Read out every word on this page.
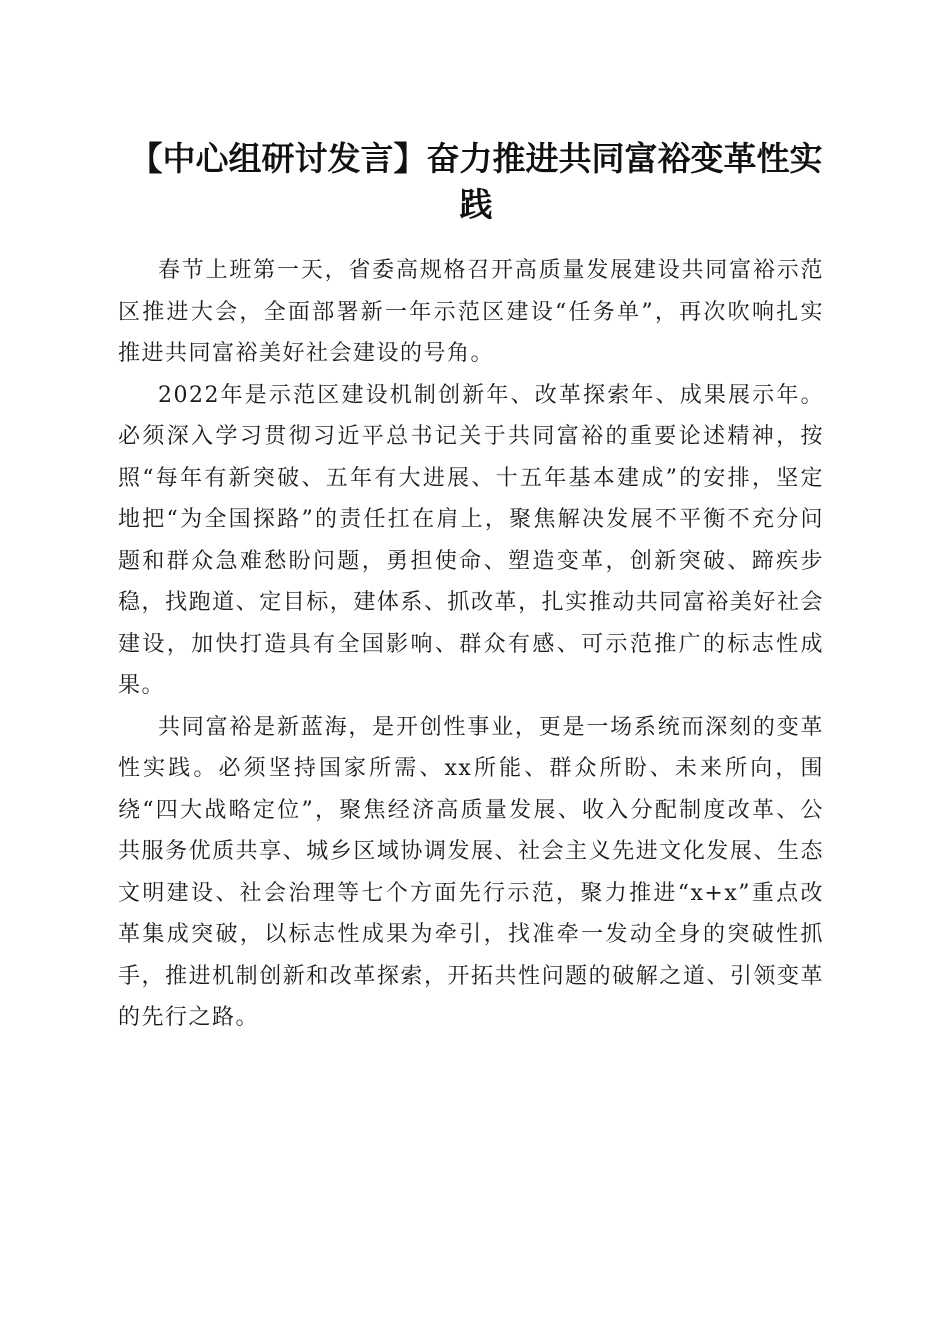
【中心组研讨发言】奋力推进共同富裕变革性实践

春节上班第一天，省委高规格召开高质量发展建设共同富裕示范区推进大会，全面部署新一年示范区建设“任务单”，再次吹响扎实推进共同富裕美好社会建设的号角。

2022年是示范区建设机制创新年、改革探索年、成果展示年。必须深入学习贯彻习近平总书记关于共同富裕的重要论述精神，按照“每年有新突破、五年有大进展、十五年基本建成”的安排，坚定地把“为全国探路”的责任扛在肩上，聚焦解决发展不平衡不充分问题和群众急难愁盼问题，勇担使命、塑造变革，创新突破、蹄疾步稳，找跑道、定目标，建体系、抓改革，扎实推动共同富裕美好社会建设，加快打造具有全国影响、群众有感、可示范推广的标志性成果。

共同富裕是新蓝海，是开创性事业，更是一场系统而深刻的变革性实践。必须坚持国家所需、xx所能、群众所盼、未来所向，围绕“四大战略定位”，聚焦经济高质量发展、收入分配制度改革、公共服务优质共享、城乡区域协调发展、社会主义先进文化发展、生态文明建设、社会治理等七个方面先行示范，聚力推进“x+x”重点改革集成突破，以标志性成果为牵引，找准牵一发动全身的突破性抓手，推进机制创新和改革探索，开拓共性问题的破解之道、引领变革的先行之路。
